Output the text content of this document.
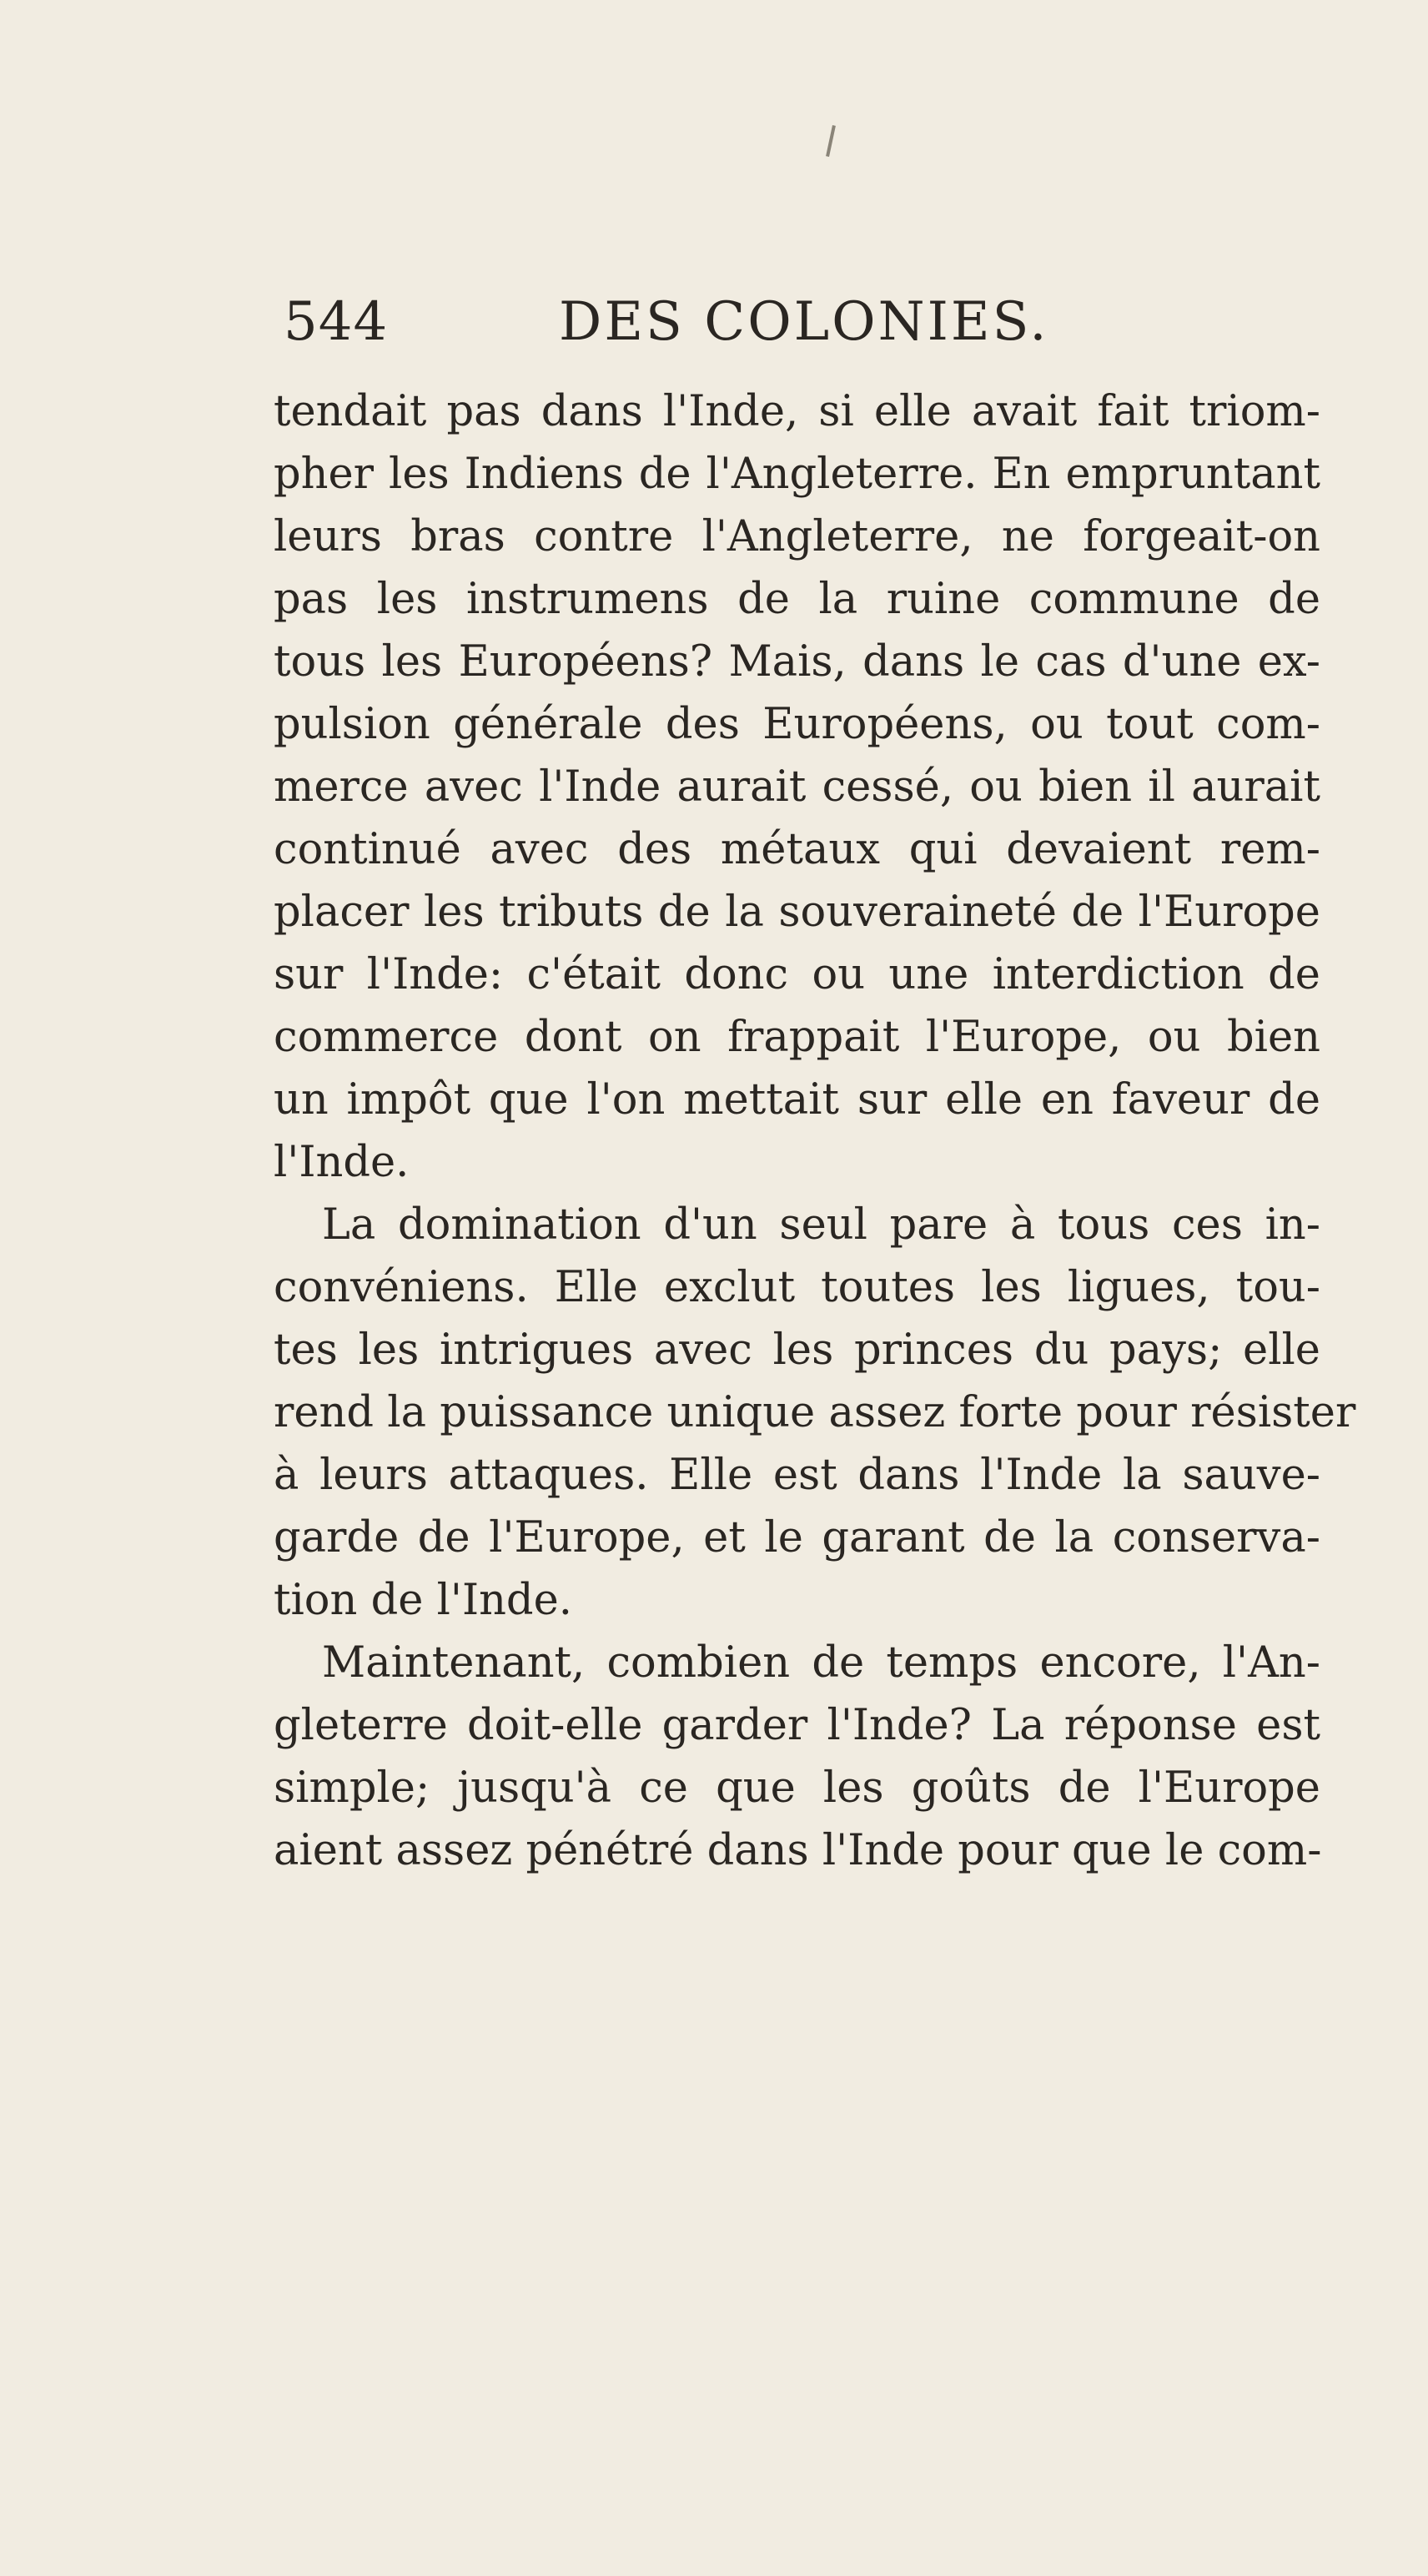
544	DES COLONIES.
tendait pas dans l'Inde, si elle avait fait triom-
pher les Indiens de l'Angleterre. En empruntant
leurs bras contre l'Angleterre, ne forgeait-on
pas les instrumens de la ruine commune de
tous les Européens? Mais, dans le cas d'une ex-
pulsion générale des Européens, ou tout com-
merce avec l'Inde aurait cessé, ou bien il aurait
continué avec des métaux qui devaient rem-
placer les tributs de la souveraineté de l'Europe
sur l'Inde: c'était donc ou une interdiction de
commerce dont on frappait l'Europe, ou bien
un impôt que l'on mettait sur elle en faveur de
l'Inde.
La domination d'un seul pare à tous ces in-
convéniens. Elle exclut toutes les ligues, tou-
tes les intrigues avec les princes du pays; elle
rend la puissance unique assez forte pour résister
à leurs attaques. Elle est dans l'Inde la sauve-
garde de l'Europe, et le garant de la conserva-
tion de l'Inde.
Maintenant, combien de temps encore, l'An-
gleterre doit-elle garder l'Inde? La réponse est
simple; jusqu'à ce que les goûts de l'Europe
aient assez pénétré dans l'Inde pour que le com-
